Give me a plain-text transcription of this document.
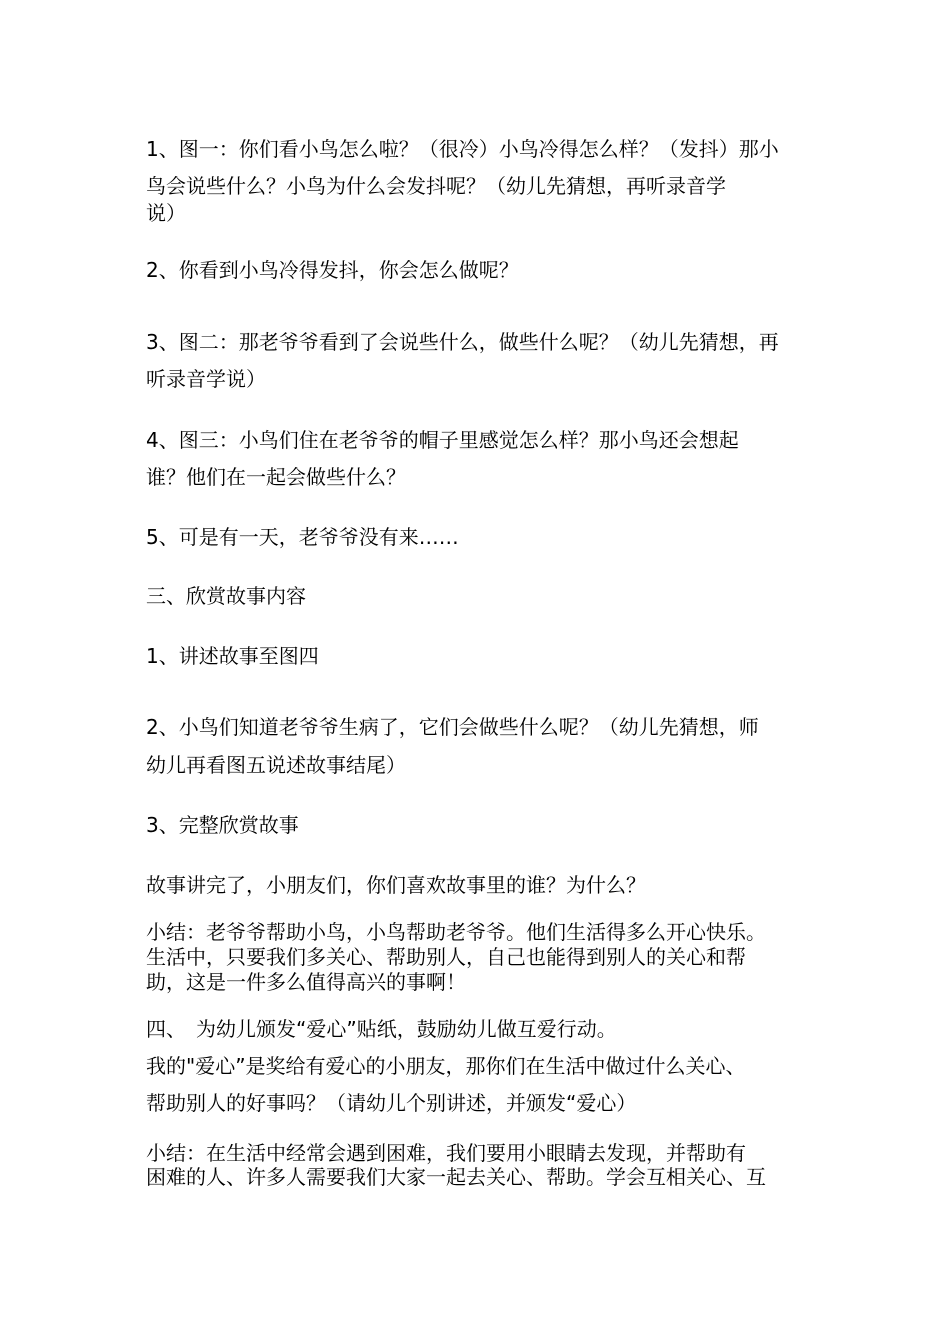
1、图一：你们看小鸟怎么啦？（很冷）小鸟冷得怎么样？（发抖）那小
鸟会说些什么？小鸟为什么会发抖呢？（幼儿先猜想，再听录音学
说）
2、你看到小鸟冷得发抖，你会怎么做呢？
3、图二：那老爷爷看到了会说些什么，做些什么呢？（幼儿先猜想，再
听录音学说）
4、图三：小鸟们住在老爷爷的帽子里感觉怎么样？那小鸟还会想起
谁？他们在一起会做些什么？
5、可是有一天，老爷爷没有来……
三、欣赏故事内容
1、讲述故事至图四
2、小鸟们知道老爷爷生病了，它们会做些什么呢？（幼儿先猜想，师
幼儿再看图五说述故事结尾）
3、完整欣赏故事
故事讲完了，小朋友们，你们喜欢故事里的谁？为什么？
小结：老爷爷帮助小鸟，小鸟帮助老爷爷。他们生活得多么开心快乐。
生活中，只要我们多关心、帮助别人，自己也能得到别人的关心和帮
助，这是一件多么值得高兴的事啊！
四、　为幼儿颁发“爱心”贴纸，鼓励幼儿做互爱行动。
我的"爱心”是奖给有爱心的小朋友，那你们在生活中做过什么关心、
帮助别人的好事吗？（请幼儿个别讲述，并颁发“爱心）
小结：在生活中经常会遇到困难，我们要用小眼睛去发现，并帮助有
困难的人、许多人需要我们大家一起去关心、帮助。学会互相关心、互
